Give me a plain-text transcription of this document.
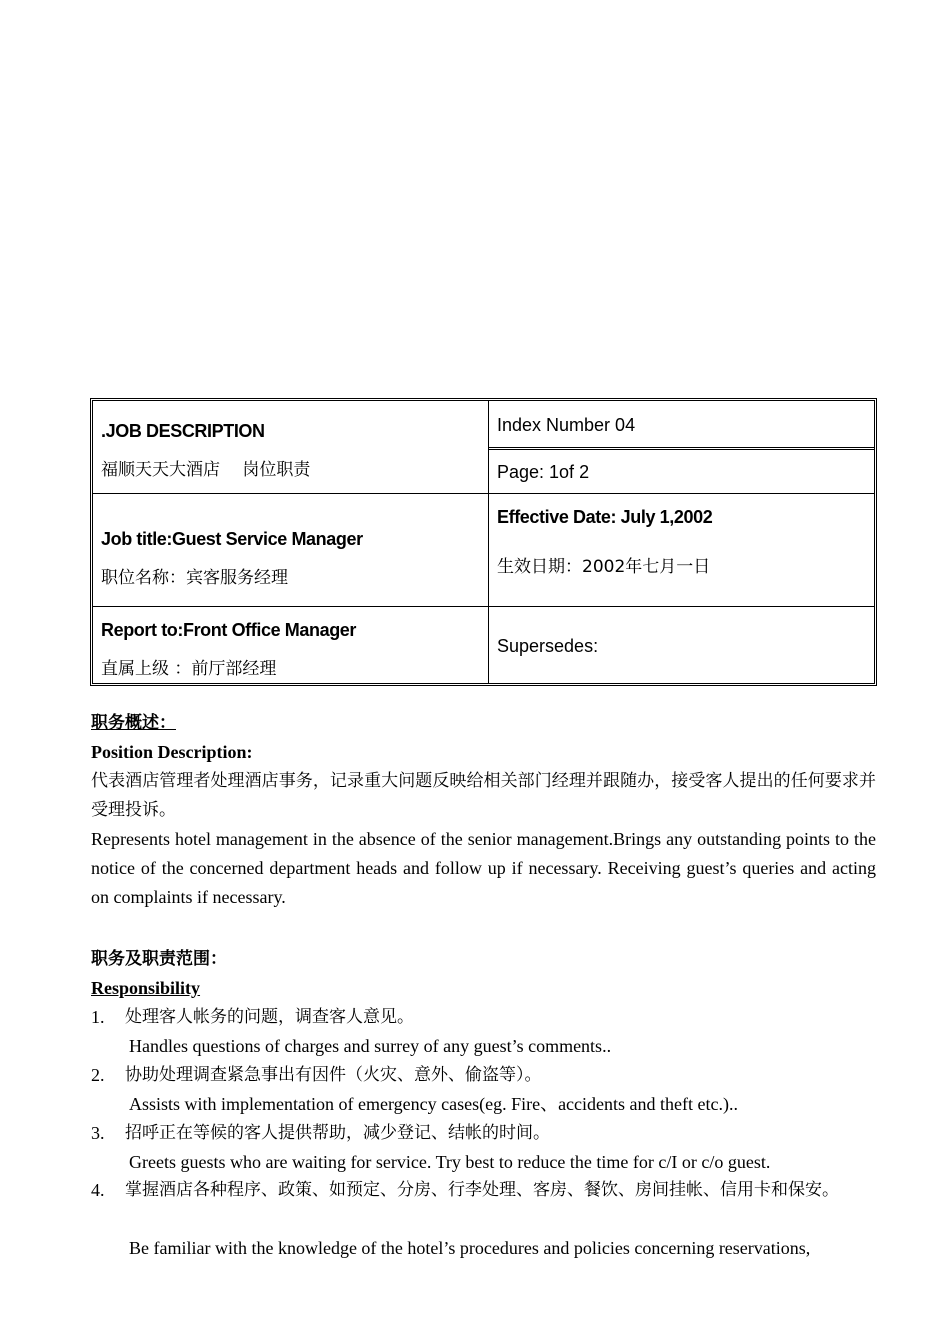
.JOB DESCRIPTION
福顺天天大酒店　 岗位职责
Index Number 04
Page: 1of 2
Job title:Guest Service Manager
职位名称：宾客服务经理
Effective Date: July 1,2002
生效日期：2002年七月一日
Report to:Front Office Manager
直属上级 ：前厅部经理
Supersedes:
职务概述：
Position Description:
代表酒店管理者处理酒店事务，记录重大问题反映给相关部门经理并跟随办，接受客人提出的任何要求并受理投诉。
Represents hotel management in the absence of the senior management.Brings any outstanding points to the notice of the concerned department heads and follow up if necessary. Receiving guest’s queries and acting on complaints if necessary.
职务及职责范围：
Responsibility
1. 处理客人帐务的问题，调查客人意见。
Handles questions of charges and surrey of any guest’s comments..
2. 协助处理调查紧急事出有因件（火灾、意外、偷盗等）。
Assists with implementation of emergency cases(eg. Fire、accidents and theft etc.)..
3. 招呼正在等候的客人提供帮助，减少登记、结帐的时间。
Greets guests who are waiting for service. Try best to reduce the time for c/I or c/o guest.
4. 掌握酒店各种程序、政策、如预定、分房、行李处理、客房、餐饮、房间挂帐、信用卡和保安。
Be familiar with the knowledge of the hotel’s procedures and policies concerning reservations,
